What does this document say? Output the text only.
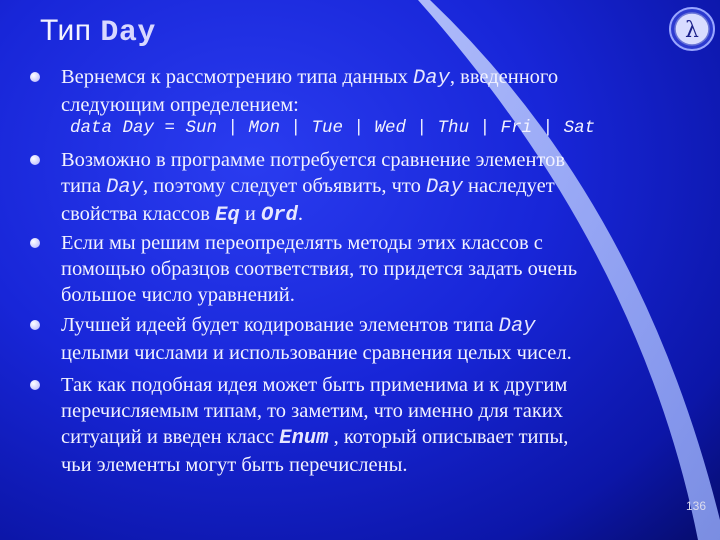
Тип Day	λ
Вернемся к рассмотрению типа данных Day, введенного
следующим определением:
data Day = Sun | Mon | Tue | Wed | Thu | Fri | Sat
Возможно в программе потребуется сравнение элементов
типа Day, поэтому следует объявить, что Day наследует
свойства классов Eq и Ord.
Если мы решим переопределять методы этих классов с
помощью образцов соответствия, то придется задать очень
большое число уравнений.
Лучшей идеей будет кодирование элементов типа Day
целыми числами и использование сравнения целых чисел.
Так как подобная идея может быть применима и к другим
перечисляемым типам, то заметим, что именно для таких
ситуаций и введен класс Enum , который описывает типы,
чьи элементы могут быть перечислены.
136
